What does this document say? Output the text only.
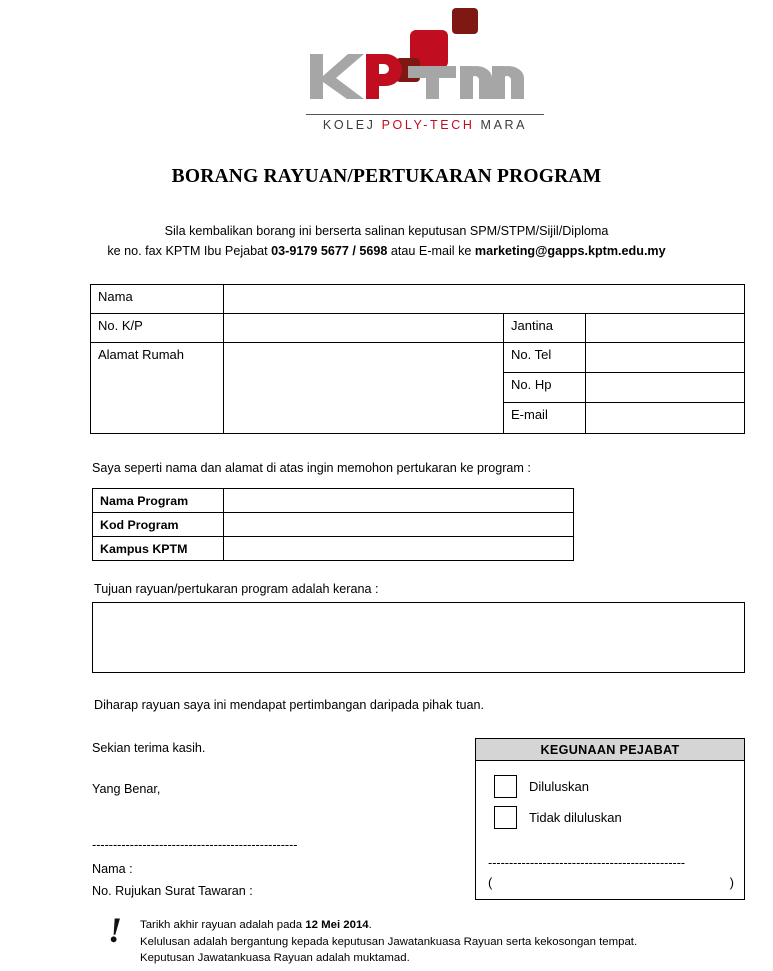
KOLEJ POLY-TECH MARA
BORANG RAYUAN/PERTUKARAN PROGRAM
Sila kembalikan borang ini berserta salinan keputusan SPM/STPM/Sijil/Diploma
ke no. fax KPTM Ibu Pejabat 03-9179 5677 / 5698 atau E-mail ke marketing@gapps.kptm.edu.my
Nama
No. K/P	Jantina
Alamat Rumah	No. Tel
No. Hp
E-mail
Saya seperti nama dan alamat di atas ingin memohon pertukaran ke program :
Nama Program
Kod Program
Kampus KPTM
Tujuan rayuan/pertukaran program adalah kerana :
Diharap rayuan saya ini mendapat pertimbangan daripada pihak tuan.
Sekian terima kasih.
Yang Benar,
-------------------------------------------------
Nama :
No. Rujukan Surat Tawaran :
KEGUNAAN PEJABAT
Diluluskan
Tidak diluluskan
-----------------------------------------------
(	)
! Tarikh akhir rayuan adalah pada 12 Mei 2014.
Kelulusan adalah bergantung kepada keputusan Jawatankuasa Rayuan serta kekosongan tempat.
Keputusan Jawatankuasa Rayuan adalah muktamad.
